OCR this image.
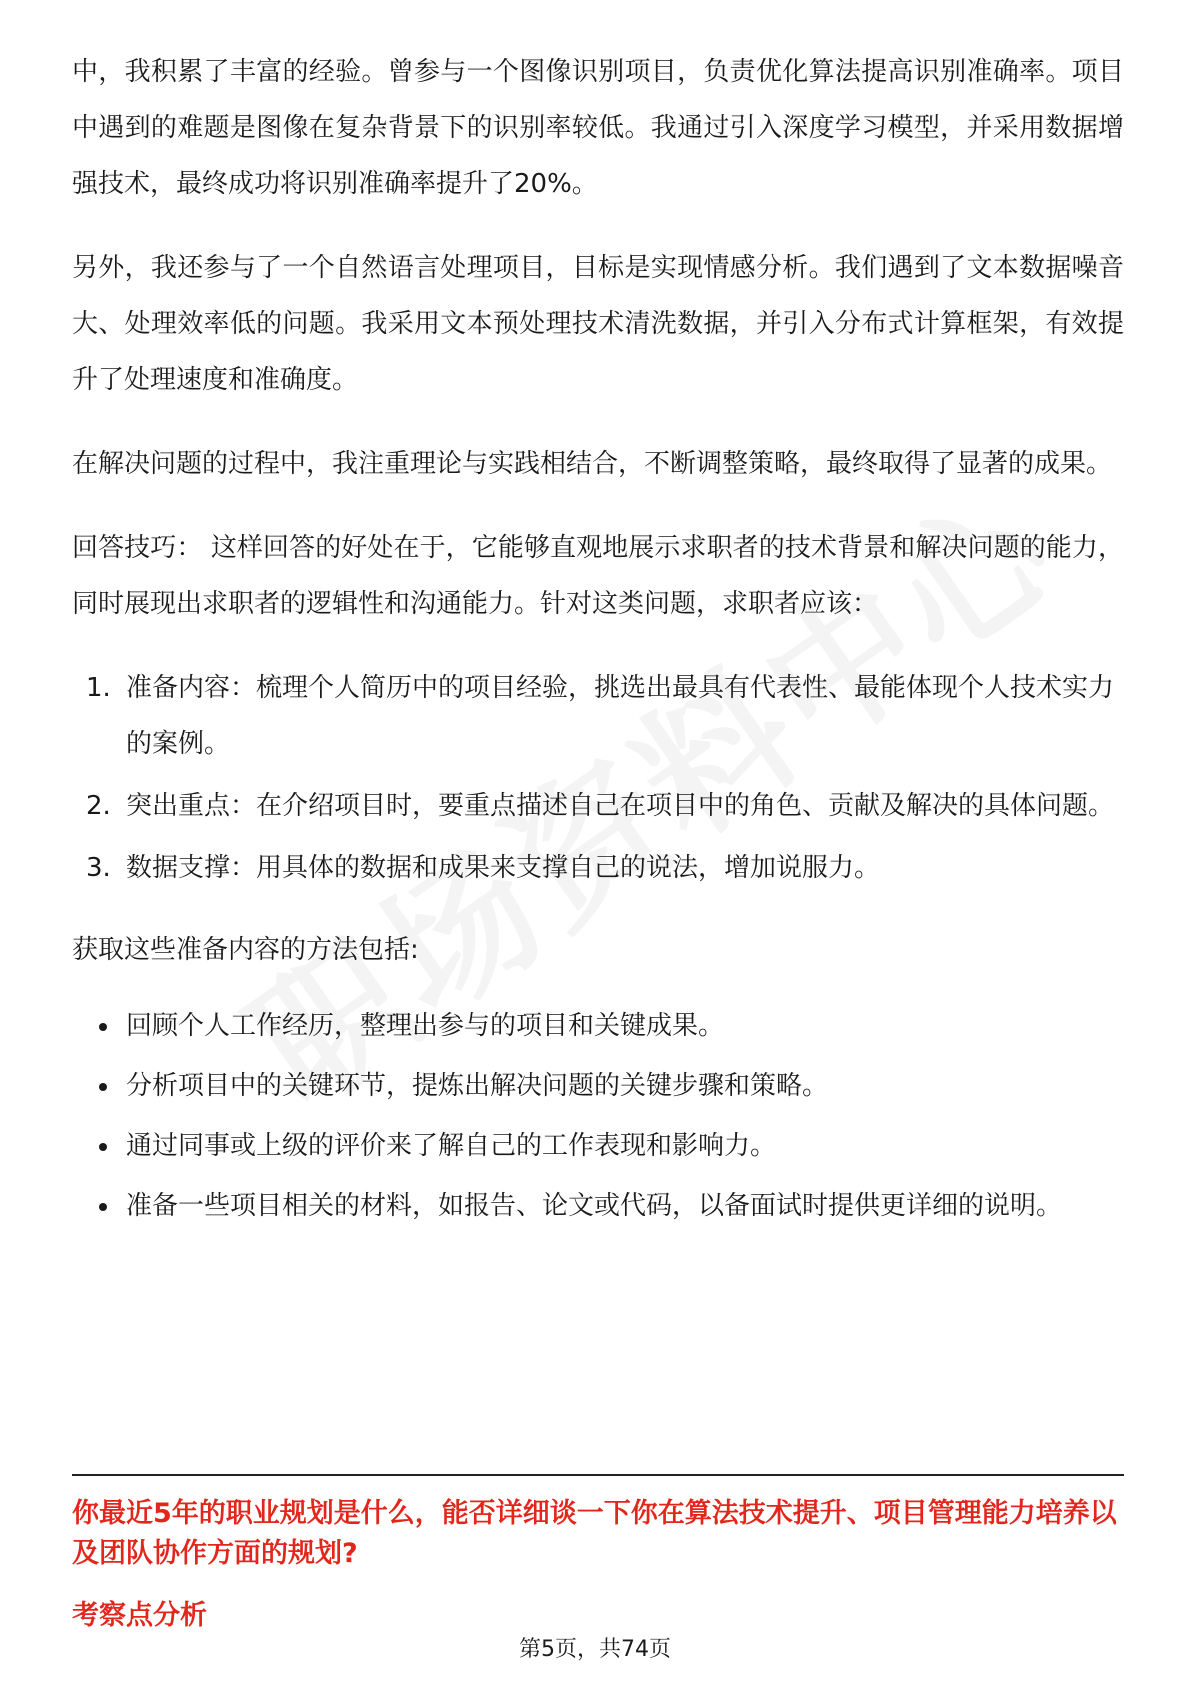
中，我积累了丰富的经验。曾参与一个图像识别项目，负责优化算法提高识别准确率。项目中遇到的难题是图像在复杂背景下的识别率较低。我通过引入深度学习模型，并采用数据增强技术，最终成功将识别准确率提升了20%。

另外，我还参与了一个自然语言处理项目，目标是实现情感分析。我们遇到了文本数据噪音大、处理效率低的问题。我采用文本预处理技术清洗数据，并引入分布式计算框架，有效提升了处理速度和准确度。

在解决问题的过程中，我注重理论与实践相结合，不断调整策略，最终取得了显著的成果。

回答技巧： 这样回答的好处在于，它能够直观地展示求职者的技术背景和解决问题的能力，同时展现出求职者的逻辑性和沟通能力。针对这类问题，求职者应该：

1. 准备内容：梳理个人简历中的项目经验，挑选出最具有代表性、最能体现个人技术实力的案例。
2. 突出重点：在介绍项目时，要重点描述自己在项目中的角色、贡献及解决的具体问题。
3. 数据支撑：用具体的数据和成果来支撑自己的说法，增加说服力。

获取这些准备内容的方法包括:

回顾个人工作经历，整理出参与的项目和关键成果。
分析项目中的关键环节，提炼出解决问题的关键步骤和策略。
通过同事或上级的评价来了解自己的工作表现和影响力。
准备一些项目相关的材料，如报告、论文或代码，以备面试时提供更详细的说明。
你最近5年的职业规划是什么，能否详细谈一下你在算法技术提升、项目管理能力培养以及团队协作方面的规划?
考察点分析
第5页，共74页
